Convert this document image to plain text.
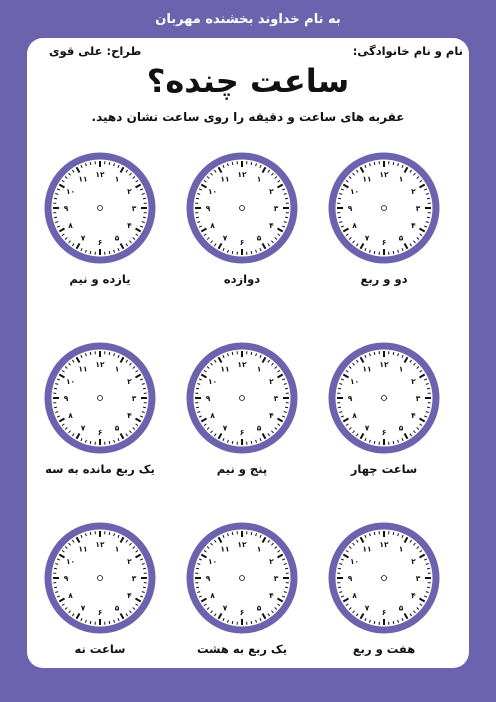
به نام خداوند بخشنده مهربان
نام و نام خانوادگی:
طراح: علی قوی
ساعت چنده؟
عقربه های ساعت و دقیقه را روی ساعت نشان دهید.
۱۲
۱
۲
۳
۴
۵
۶
۷
۸
۹
۱۰
۱۱
دو و ربع
۱۲
۱
۲
۳
۴
۵
۶
۷
۸
۹
۱۰
۱۱
دوازده
۱۲
۱
۲
۳
۴
۵
۶
۷
۸
۹
۱۰
۱۱
یازده و نیم
۱۲
۱
۲
۳
۴
۵
۶
۷
۸
۹
۱۰
۱۱
ساعت چهار
۱۲
۱
۲
۳
۴
۵
۶
۷
۸
۹
۱۰
۱۱
پنج و نیم
۱۲
۱
۲
۳
۴
۵
۶
۷
۸
۹
۱۰
۱۱
یک ربع مانده به سه
۱۲
۱
۲
۳
۴
۵
۶
۷
۸
۹
۱۰
۱۱
هفت و ربع
۱۲
۱
۲
۳
۴
۵
۶
۷
۸
۹
۱۰
۱۱
یک ربع به هشت
۱۲
۱
۲
۳
۴
۵
۶
۷
۸
۹
۱۰
۱۱
ساعت نه
